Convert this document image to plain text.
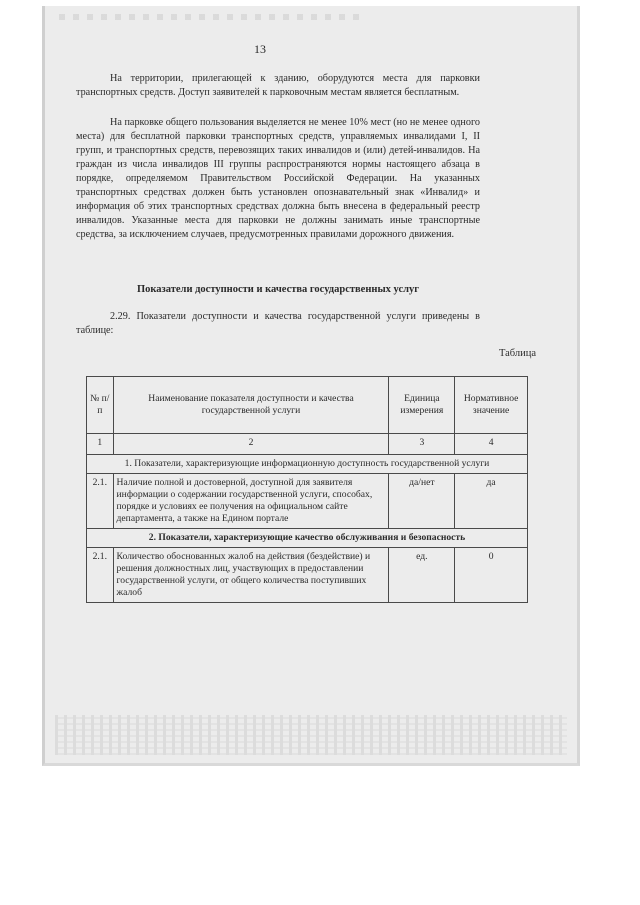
13

На территории, прилегающей к зданию, оборудуются места для парковки транспортных средств. Доступ заявителей к парковочным местам является бесплатным.

На парковке общего пользования выделяется не менее 10% мест (но не менее одного места) для бесплатной парковки транспортных средств, управляемых инвалидами I, II групп, и транспортных средств, перевозящих таких инвалидов и (или) детей-инвалидов. На граждан из числа инвалидов III группы распространяются нормы настоящего абзаца в порядке, определяемом Правительством Российской Федерации. На указанных транспортных средствах должен быть установлен опознавательный знак «Инвалид» и информация об этих транспортных средствах должна быть внесена в федеральный реестр инвалидов. Указанные места для парковки не должны занимать иные транспортные средства, за исключением случаев, предусмотренных правилами дорожного движения.

Показатели доступности и качества государственных услуг

2.29. Показатели доступности и качества государственной услуги приведены в таблице:

Таблица
№ п/п	Наименование показателя доступности и качества государственной услуги	Единица измерения	Нормативное значение
1	2	3	4
1. Показатели, характеризующие информационную доступность государственной услуги			
2.1.	Наличие полной и достоверной, доступной для заявителя информации о содержании государственной услуги, способах, порядке и условиях ее получения на официальном сайте департамента, а также на Едином портале	да/нет	да
2. Показатели, характеризующие качество обслуживания и безопасность			
2.1.	Количество обоснованных жалоб на действия (бездействие) и решения должностных лиц, участвующих в предоставлении государственной услуги, от общего количества поступивших жалоб	ед.	0
